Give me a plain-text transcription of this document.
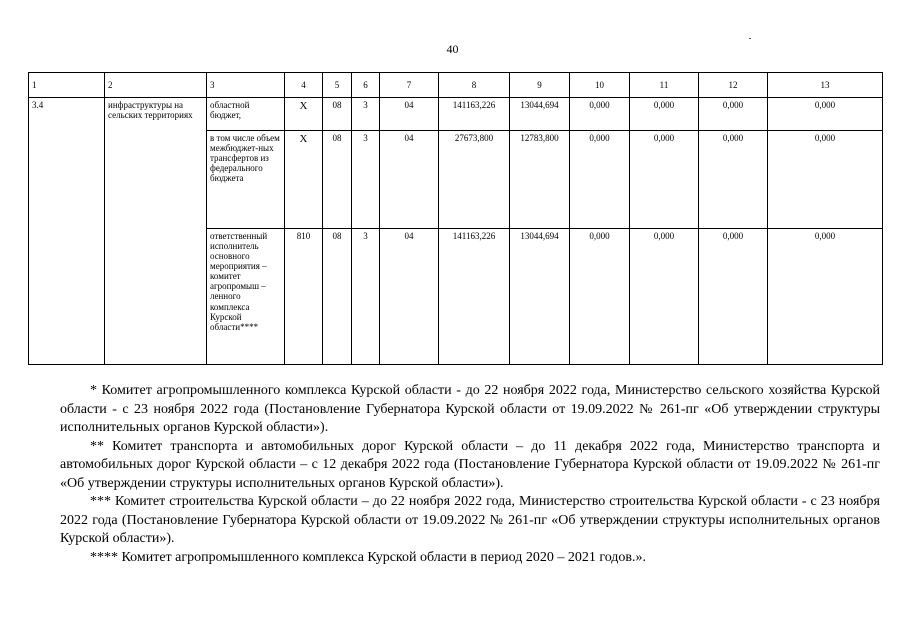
40
1	2	3	4	5	6	7	8	9	10	11	12	13
3.4	инфраструктуры на сельских территориях	областной бюджет,	X	08	3	04	141163,226	13044,694	0,000	0,000	0,000	0,000
		в том числе объем межбюджет-ных трансфертов из федерального бюджета	X	08	3	04	27673,800	12783,800	0,000	0,000	0,000	0,000
		ответственный исполнитель основного мероприятия – комитет агропромыш – ленного комплекса Курской области****	810	08	3	04	141163,226	13044,694	0,000	0,000	0,000	0,000

* Комитет агропромышленного комплекса Курской области - до 22 ноября 2022 года, Министерство сельского хозяйства Курской области - с 23 ноября 2022 года (Постановление Губернатора Курской области от 19.09.2022 № 261-пг «Об утверждении структуры исполнительных органов Курской области»).

** Комитет транспорта и автомобильных дорог Курской области – до 11 декабря 2022 года, Министерство транспорта и автомобильных дорог Курской области – с 12 декабря 2022 года (Постановление Губернатора Курской области от 19.09.2022 № 261-пг «Об утверждении структуры исполнительных органов Курской области»).

*** Комитет строительства Курской области – до 22 ноября 2022 года, Министерство строительства Курской области - с 23 ноября 2022 года (Постановление Губернатора Курской области от 19.09.2022 № 261-пг «Об утверждении структуры исполнительных органов Курской области»).

**** Комитет агропромышленного комплекса Курской области в период 2020 – 2021 годов.».
